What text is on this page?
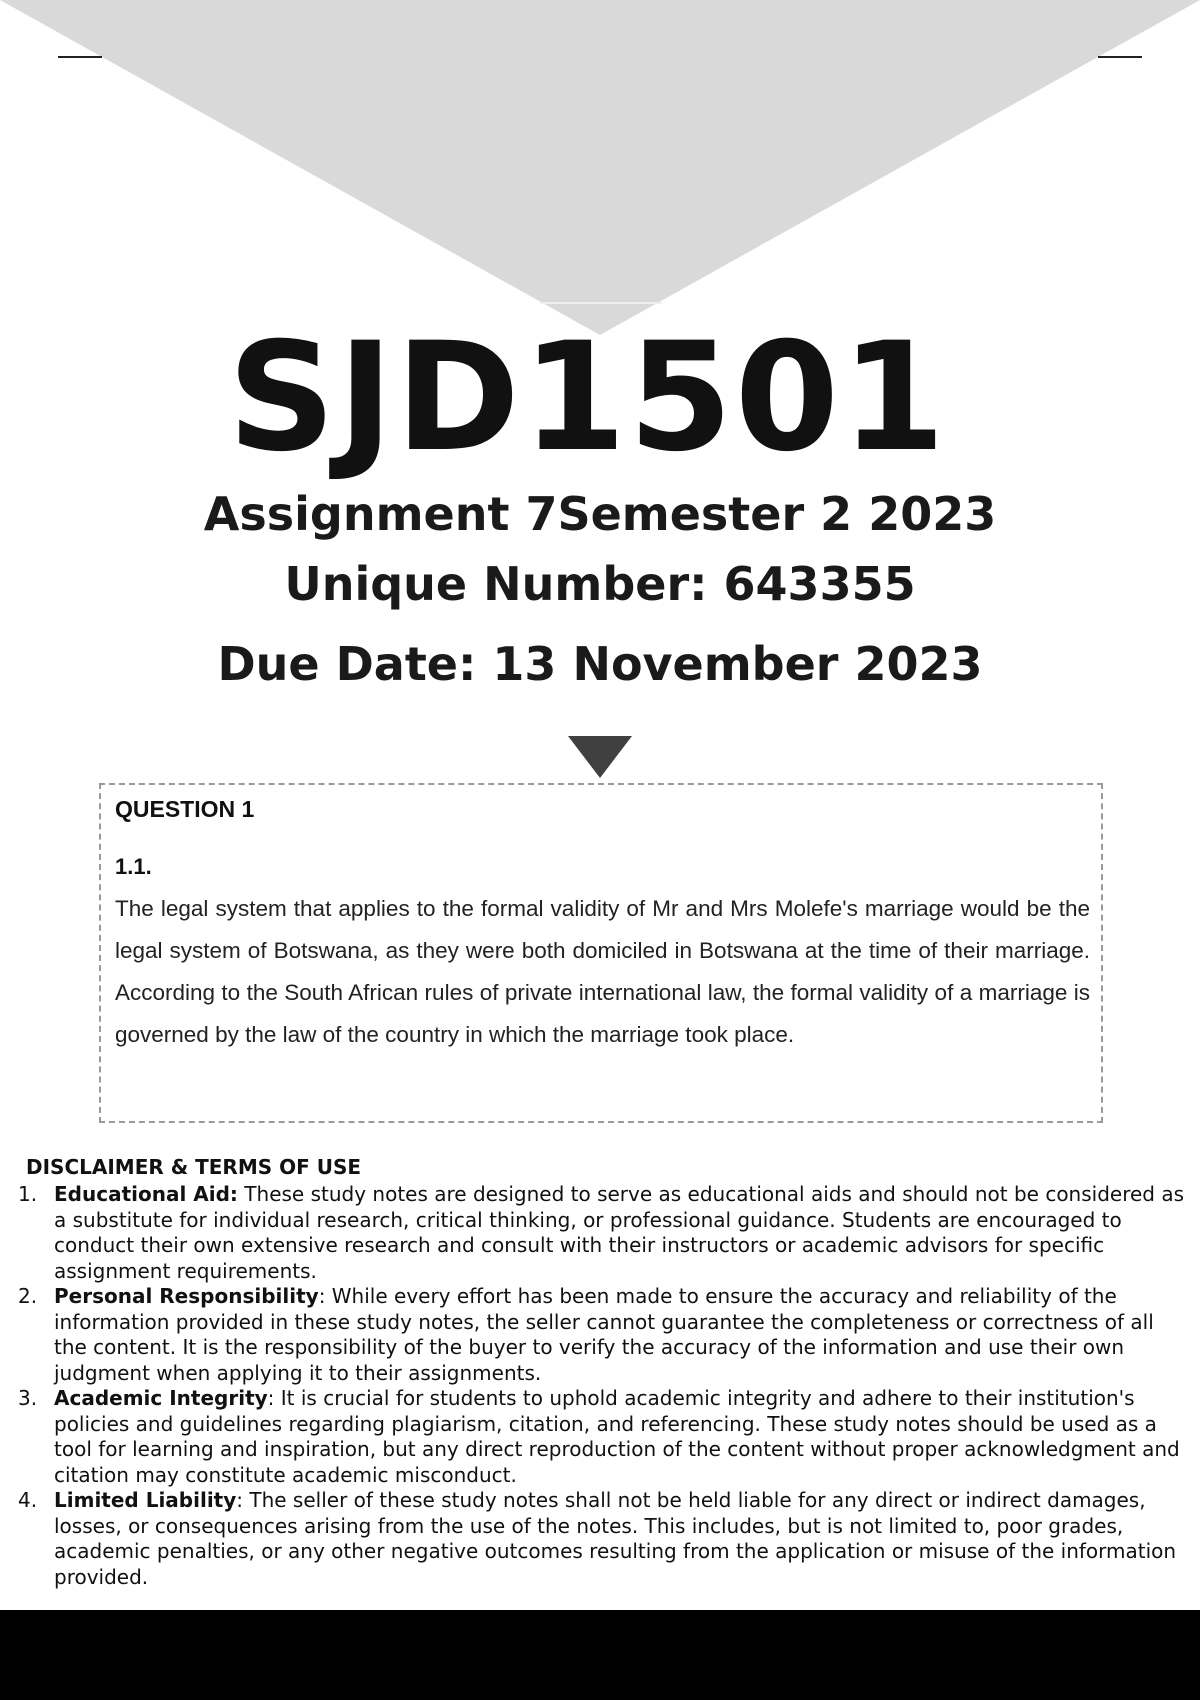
SJD1501
Assignment 7Semester 2 2023
Unique Number: 643355
Due Date: 13 November 2023
QUESTION 1
1.1.

The legal system that applies to the formal validity of Mr and Mrs Molefe's marriage would be the legal system of Botswana, as they were both domiciled in Botswana at the time of their marriage. According to the South African rules of private international law, the formal validity of a marriage is governed by the law of the country in which the marriage took place.

DISCLAIMER & TERMS OF USE
1. Educational Aid: These study notes are designed to serve as educational aids and should not be considered as a substitute for individual research, critical thinking, or professional guidance. Students are encouraged to conduct their own extensive research and consult with their instructors or academic advisors for specific assignment requirements.
2. Personal Responsibility: While every effort has been made to ensure the accuracy and reliability of the information provided in these study notes, the seller cannot guarantee the completeness or correctness of all the content. It is the responsibility of the buyer to verify the accuracy of the information and use their own judgment when applying it to their assignments.
3. Academic Integrity: It is crucial for students to uphold academic integrity and adhere to their institution's policies and guidelines regarding plagiarism, citation, and referencing. These study notes should be used as a tool for learning and inspiration, but any direct reproduction of the content without proper acknowledgment and citation may constitute academic misconduct.
4. Limited Liability: The seller of these study notes shall not be held liable for any direct or indirect damages, losses, or consequences arising from the use of the notes. This includes, but is not limited to, poor grades, academic penalties, or any other negative outcomes resulting from the application or misuse of the information provided.
